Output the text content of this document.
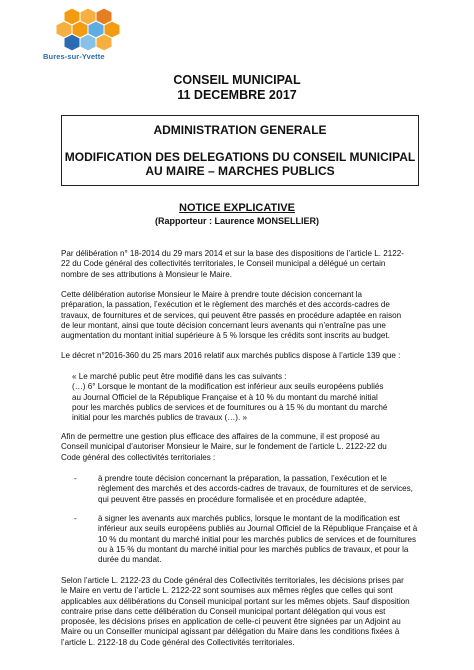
Bures-sur-Yvette
CONSEIL MUNICIPAL
11 DECEMBRE 2017
ADMINISTRATION GENERALE
MODIFICATION DES DELEGATIONS DU CONSEIL MUNICIPAL
AU MAIRE – MARCHES PUBLICS
NOTICE EXPLICATIVE
(Rapporteur : Laurence MONSELLIER)
Par délibération n° 18-2014 du 29 mars 2014 et sur la base des dispositions de l’article L. 2122-
22 du Code général des collectivités territoriales, le Conseil municipal a délégué un certain
nombre de ses attributions à Monsieur le Maire.
Cette délibération autorise Monsieur le Maire à prendre toute décision concernant la
préparation, la passation, l’exécution et le règlement des marchés et des accords-cadres de
travaux, de fournitures et de services, qui peuvent être passés en procédure adaptée en raison
de leur montant, ainsi que toute décision concernant leurs avenants qui n’entraîne pas une
augmentation du montant initial supérieure à 5 % lorsque les crédits sont inscrits au budget.
Le décret n°2016-360 du 25 mars 2016 relatif aux marchés publics dispose à l’article 139 que :
« Le marché public peut être modifié dans les cas suivants :
(…) 6° Lorsque le montant de la modification est inférieur aux seuils européens publiés
au Journal Officiel de la République Française et à 10 % du montant du marché initial
pour les marchés publics de services et de fournitures ou à 15 % du montant du marché
initial pour les marchés publics de travaux (…). »
Afin de permettre une gestion plus efficace des affaires de la commune, il est proposé au
Conseil municipal d’autoriser Monsieur le Maire, sur le fondement de l’article L. 2122-22 du
Code général des collectivités territoriales :
-	à prendre toute décision concernant la préparation, la passation, l’exécution et le
règlement des marchés et des accords-cadres de travaux, de fournitures et de services,
qui peuvent être passés en procédure formalisée et en procédure adaptée,
-	à signer les avenants aux marchés publics, lorsque le montant de la modification est
inférieur aux seuils européens publiés au Journal Officiel de la République Française et à
10 % du montant du marché initial pour les marchés publics de services et de fournitures
ou à 15 % du montant du marché initial pour les marchés publics de travaux, et pour la
durée du mandat.
Selon l’article L. 2122-23 du Code général des Collectivités territoriales, les décisions prises par
le Maire en vertu de l’article L. 2122-22 sont soumises aux mêmes règles que celles qui sont
applicables aux délibérations du Conseil municipal portant sur les mêmes objets. Sauf disposition
contraire prise dans cette délibération du Conseil municipal portant délégation qui vous est
proposée, les décisions prises en application de celle-ci peuvent être signées par un Adjoint au
Maire ou un Conseiller municipal agissant par délégation du Maire dans les conditions fixées à
l’article L. 2122-18 du Code général des Collectivités territoriales.
